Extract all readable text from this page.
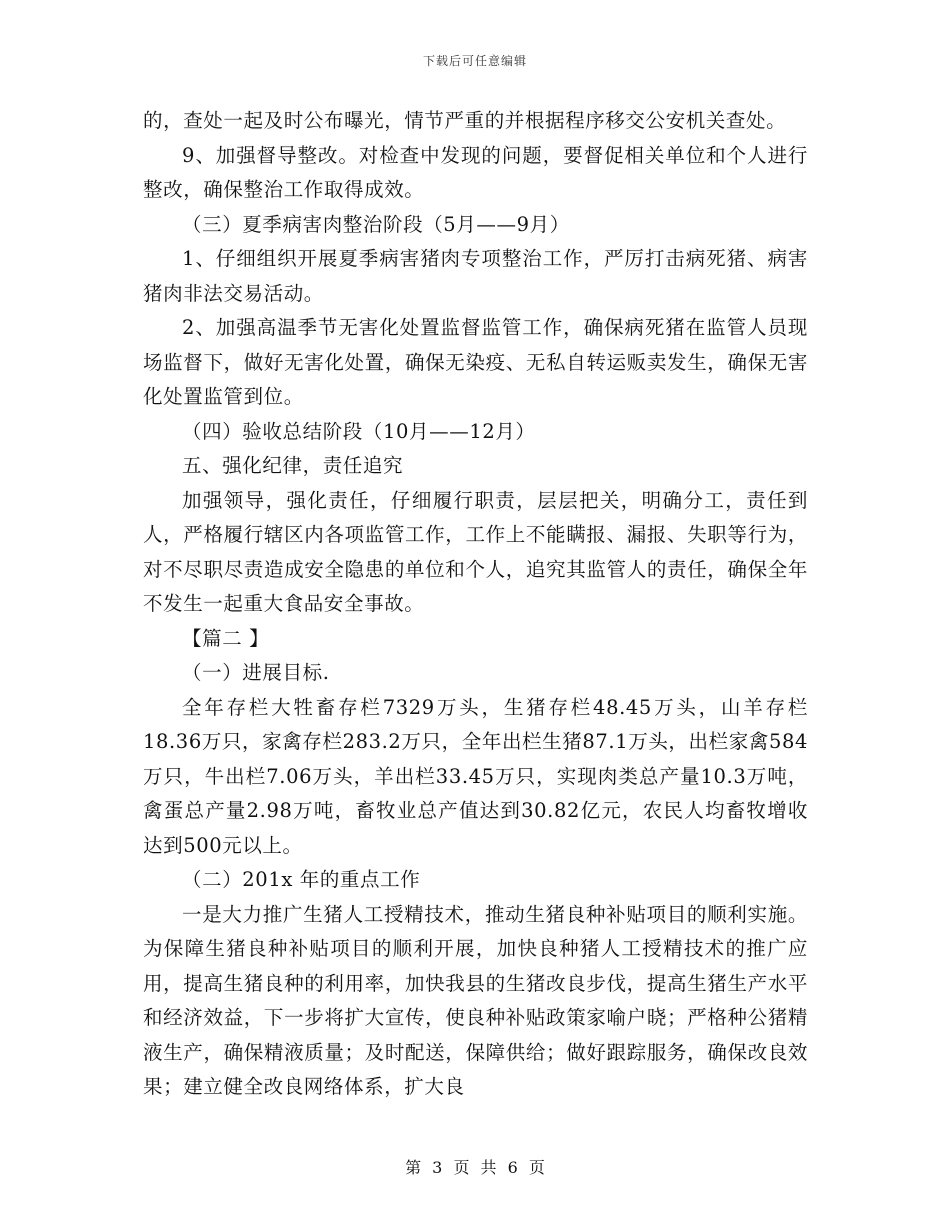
下载后可任意编辑

的，查处一起及时公布曝光，情节严重的并根据程序移交公安机关查处。

9、加强督导整改。对检查中发现的问题，要督促相关单位和个人进行整改，确保整治工作取得成效。

（三）夏季病害肉整治阶段（5月——9月）

1、仔细组织开展夏季病害猪肉专项整治工作，严厉打击病死猪、病害猪肉非法交易活动。

2、加强高温季节无害化处置监督监管工作，确保病死猪在监管人员现场监督下，做好无害化处置，确保无染疫、无私自转运贩卖发生，确保无害化处置监管到位。

（四）验收总结阶段（10月——12月）

五、强化纪律，责任追究

加强领导，强化责任，仔细履行职责，层层把关，明确分工，责任到人，严格履行辖区内各项监管工作，工作上不能瞒报、漏报、失职等行为，对不尽职尽责造成安全隐患的单位和个人，追究其监管人的责任，确保全年不发生一起重大食品安全事故。

【篇二 】

（一）进展目标.

全年存栏大牲畜存栏7329万头，生猪存栏48.45万头，山羊存栏18.36万只，家禽存栏283.2万只，全年出栏生猪87.1万头，出栏家禽584万只，牛出栏7.06万头，羊出栏33.45万只，实现肉类总产量10.3万吨，禽蛋总产量2.98万吨，畜牧业总产值达到30.82亿元，农民人均畜牧增收达到500元以上。

（二）201x 年的重点工作

一是大力推广生猪人工授精技术，推动生猪良种补贴项目的顺利实施。为保障生猪良种补贴项目的顺利开展，加快良种猪人工授精技术的推广应用，提高生猪良种的利用率，加快我县的生猪改良步伐，提高生猪生产水平和经济效益，下一步将扩大宣传，使良种补贴政策家喻户晓；严格种公猪精液生产，确保精液质量；及时配送，保障供给；做好跟踪服务，确保改良效果；建立健全改良网络体系，扩大良

第 3 页 共 6 页
